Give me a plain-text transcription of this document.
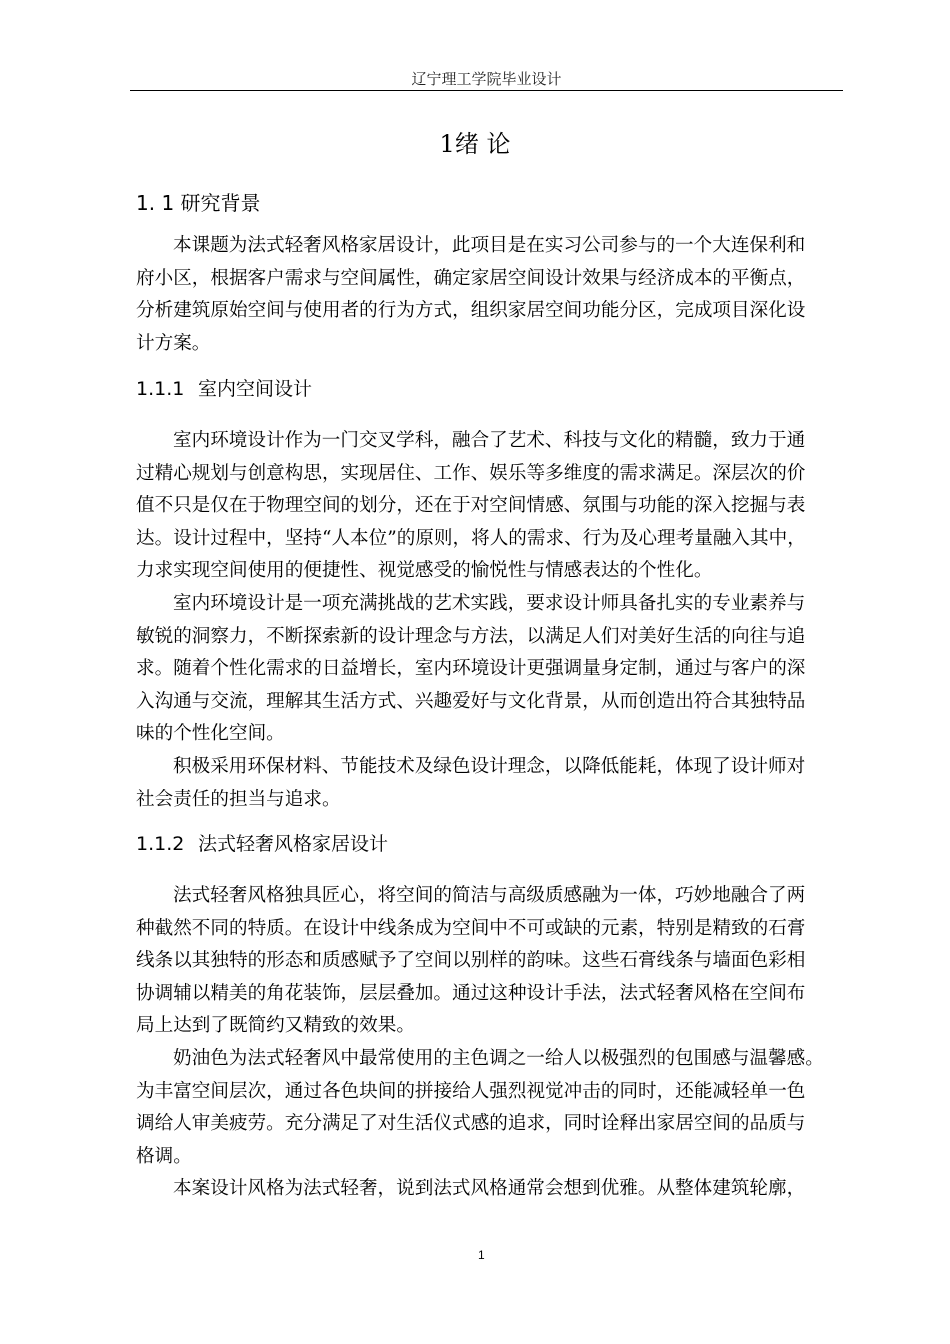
辽宁理工学院毕业设计
1绪 论
1. 1 研究背景
本课题为法式轻奢风格家居设计，此项目是在实习公司参与的一个大连保利和
府小区，根据客户需求与空间属性，确定家居空间设计效果与经济成本的平衡点，
分析建筑原始空间与使用者的行为方式，组织家居空间功能分区，完成项目深化设
计方案。
1.1.1 室内空间设计
室内环境设计作为一门交叉学科，融合了艺术、科技与文化的精髓，致力于通
过精心规划与创意构思，实现居住、工作、娱乐等多维度的需求满足。深层次的价
值不只是仅在于物理空间的划分，还在于对空间情感、氛围与功能的深入挖掘与表
达。设计过程中，坚持“人本位”的原则，将人的需求、行为及心理考量融入其中，
力求实现空间使用的便捷性、视觉感受的愉悦性与情感表达的个性化。
室内环境设计是一项充满挑战的艺术实践，要求设计师具备扎实的专业素养与
敏锐的洞察力，不断探索新的设计理念与方法，以满足人们对美好生活的向往与追
求。随着个性化需求的日益增长，室内环境设计更强调量身定制，通过与客户的深
入沟通与交流，理解其生活方式、兴趣爱好与文化背景，从而创造出符合其独特品
味的个性化空间。
积极采用环保材料、节能技术及绿色设计理念，以降低能耗，体现了设计师对
社会责任的担当与追求。
1.1.2 法式轻奢风格家居设计
法式轻奢风格独具匠心，将空间的简洁与高级质感融为一体，巧妙地融合了两
种截然不同的特质。在设计中线条成为空间中不可或缺的元素，特别是精致的石膏
线条以其独特的形态和质感赋予了空间以别样的韵味。这些石膏线条与墙面色彩相
协调辅以精美的角花装饰，层层叠加。通过这种设计手法，法式轻奢风格在空间布
局上达到了既简约又精致的效果。
奶油色为法式轻奢风中最常使用的主色调之一给人以极强烈的包围感与温馨感。
为丰富空间层次，通过各色块间的拼接给人强烈视觉冲击的同时，还能减轻单一色
调给人审美疲劳。充分满足了对生活仪式感的追求，同时诠释出家居空间的品质与
格调。
本案设计风格为法式轻奢，说到法式风格通常会想到优雅。从整体建筑轮廓，
1
